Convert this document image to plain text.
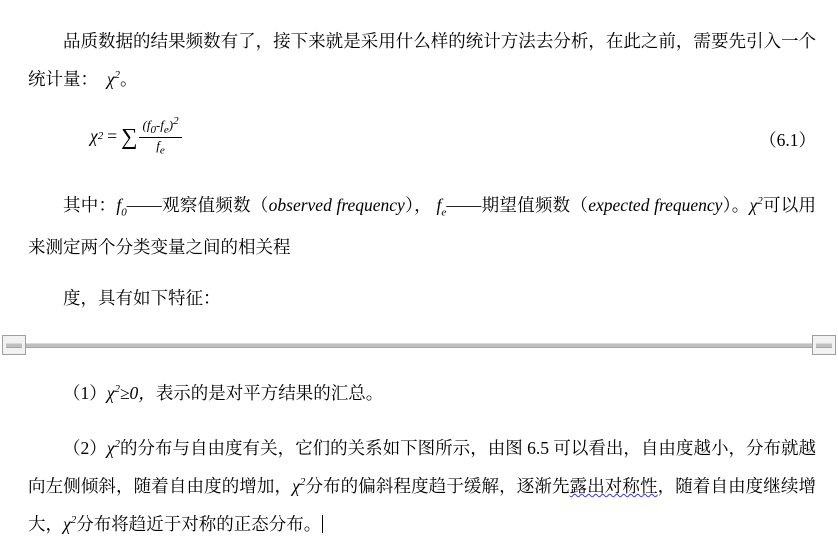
品质数据的结果频数有了，接下来就是采用什么样的统计方法去分析，在此之前，需要先引入一个统计量： $\chi^2$。

χ 2 = ∑ $\frac{(f_0-f_e)^2}{f_e}$	（6.1）

其中：$f_0——$观察值频数（observed frequency）， $f_e——$期望值频数（expected frequency）。$\chi^2$可以用来测定两个分类变量之间的相关程

度，具有如下特征：

$(1)\chi^2\ge 0$，表示的是对平方结果的汇总。

$(2)\chi^2$的分布与自由度有关，它们的关系如下图所示，由图 6.5 可以看出，自由度越小，分布就越向左侧倾斜，随着自由度的增加，$\chi^2$分布的偏斜程度趋于缓解，逐渐先露出对称性，随着自由度继续增大，$\chi^2$分布将趋近于对称的正态分布。
